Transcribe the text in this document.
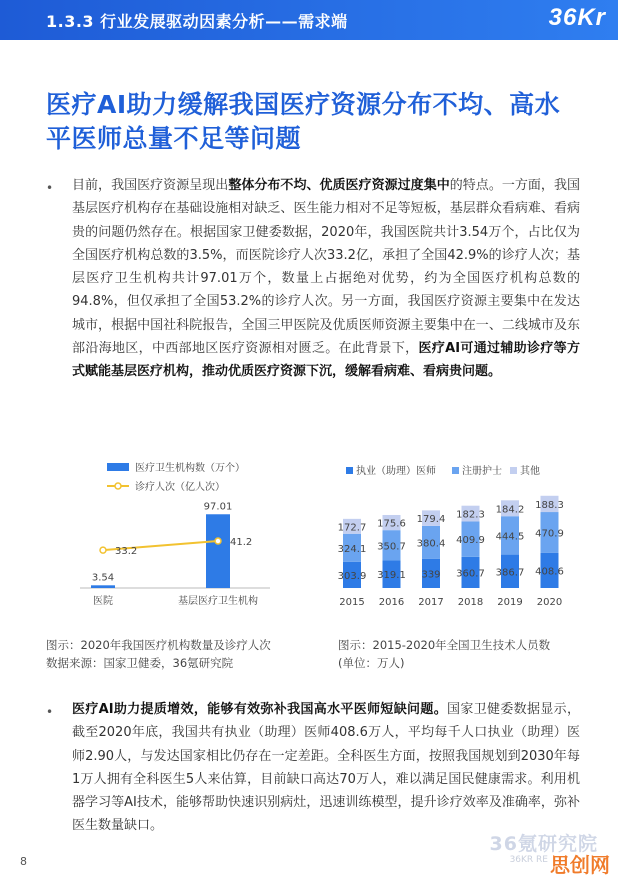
1.3.3 行业发展驱动因素分析——需求端	36Kr
医疗AI助力缓解我国医疗资源分布不均、高水
平医师总量不足等问题
• 目前，我国医疗资源呈现出整体分布不均、优质医疗资源过度集中的特点。一方面，我国基层医疗机构存在基础设施相对缺乏、医生能力相对不足等短板，基层群众看病难、看病贵的问题仍然存在。根据国家卫健委数据，2020年，我国医院共计3.54万个，占比仅为全国医疗机构总数的3.5%，而医院诊疗人次33.2亿，承担了全国42.9%的诊疗人次；基层医疗卫生机构共计97.01万个，数量上占据绝对优势，约为全国医疗机构总数的94.8%，但仅承担了全国53.2%的诊疗人次。另一方面，我国医疗资源主要集中在发达城市，根据中国社科院报告，全国三甲医院及优质医师资源主要集中在一、二线城市及东部沿海地区，中西部地区医疗资源相对匮乏。在此背景下，医疗AI可通过辅助诊疗等方式赋能基层医疗机构，推动优质医疗资源下沉，缓解看病难、看病贵问题。
医疗卫生机构数（万个）
诊疗人次（亿人次）
3.54
医院
97.01
基层医疗卫生机构
33.2
41.2
执业（助理）医师	注册护士 其他
303.9
324.1
172.7
2015
319.1
350.7
175.6
2016
339
380.4
179.4
2017
360.7
409.9
182.3
2018
386.7
444.5
184.2
2019
408.6
470.9
188.3
2020
图示：2020年我国医疗机构数量及诊疗人次
数据来源：国家卫健委，36氪研究院
图示：2015-2020年全国卫生技术人员数
(单位：万人)
• 医疗AI助力提质增效，能够有效弥补我国高水平医师短缺问题。国家卫健委数据显示，截至2020年底，我国共有执业（助理）医师408.6万人，平均每千人口执业（助理）医师2.90人，与发达国家相比仍存在一定差距。全科医生方面，按照我国规划到2030年每1万人拥有全科医生5人来估算，目前缺口高达70万人，难以满足国民健康需求。利用机器学习等AI技术，能够帮助快速识别病灶，迅速训练模型，提升诊疗效率及准确率，弥补医生数量缺口。
8
36氪研究院
36KR RE 思创网
